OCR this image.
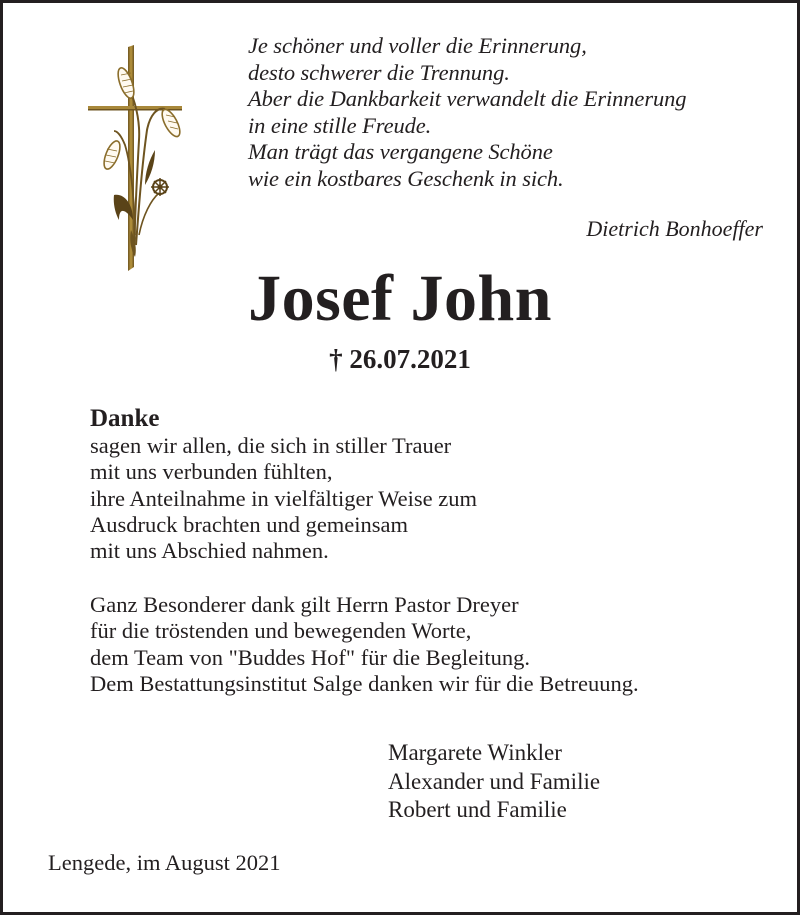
Je schöner und voller die Erinnerung,
desto schwerer die Trennung.
Aber die Dankbarkeit verwandelt die Erinnerung
in eine stille Freude.
Man trägt das vergangene Schöne
wie ein kostbares Geschenk in sich.
Dietrich Bonhoeffer
Josef John
† 26.07.2021
Danke
sagen wir allen, die sich in stiller Trauer
mit uns verbunden fühlten,
ihre Anteilnahme in vielfältiger Weise zum
Ausdruck brachten und gemeinsam
mit uns Abschied nahmen.
Ganz Besonderer dank gilt Herrn Pastor Dreyer
für die tröstenden und bewegenden Worte,
dem Team von "Buddes Hof" für die Begleitung.
Dem Bestattungsinstitut Salge danken wir für die Betreuung.
Margarete Winkler
Alexander und Familie
Robert und Familie
Lengede, im August 2021
